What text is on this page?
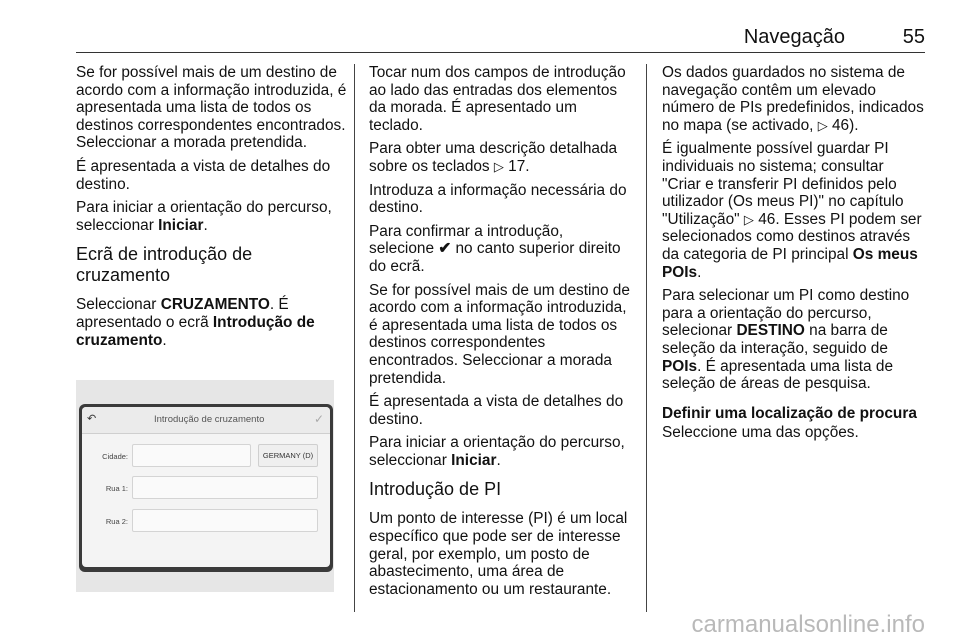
Navegação	55

Se for possível mais de um destino de acordo com a informação introduzida, é apresentada uma lista de todos os destinos correspondentes encontrados. Seleccionar a morada pretendida.

É apresentada a vista de detalhes do destino.

Para iniciar a orientação do percurso, seleccionar Iniciar.

Ecrã de introdução de cruzamento

Seleccionar CRUZAMENTO. É apresentado o ecrã Introdução de cruzamento.

↶	Introdução de cruzamento	✓
Cidade:	GERMANY (D)
Rua 1:
Rua 2:

Tocar num dos campos de introdução ao lado das entradas dos elementos da morada. É apresentado um teclado.

Para obter uma descrição detalhada sobre os teclados ▷ 17.

Introduza a informação necessária do destino.

Para confirmar a introdução, selecione ✔ no canto superior direito do ecrã.

Se for possível mais de um destino de acordo com a informação introduzida, é apresentada uma lista de todos os destinos correspondentes encontrados. Seleccionar a morada pretendida.

É apresentada a vista de detalhes do destino.

Para iniciar a orientação do percurso, seleccionar Iniciar.

Introdução de PI

Um ponto de interesse (PI) é um local específico que pode ser de interesse geral, por exemplo, um posto de abastecimento, uma área de estacionamento ou um restaurante.

Os dados guardados no sistema de navegação contêm um elevado número de PIs predefinidos, indicados no mapa (se activado, ▷ 46).

É igualmente possível guardar PI individuais no sistema; consultar "Criar e transferir PI definidos pelo utilizador (Os meus PI)" no capítulo "Utilização" ▷ 46. Esses PI podem ser selecionados como destinos através da categoria de PI principal Os meus POIs.

Para selecionar um PI como destino para a orientação do percurso, selecionar DESTINO na barra de seleção da interação, seguido de POIs. É apresentada uma lista de seleção de áreas de pesquisa.

Definir uma localização de procura

Seleccione uma das opções.

carmanualsonline.info
